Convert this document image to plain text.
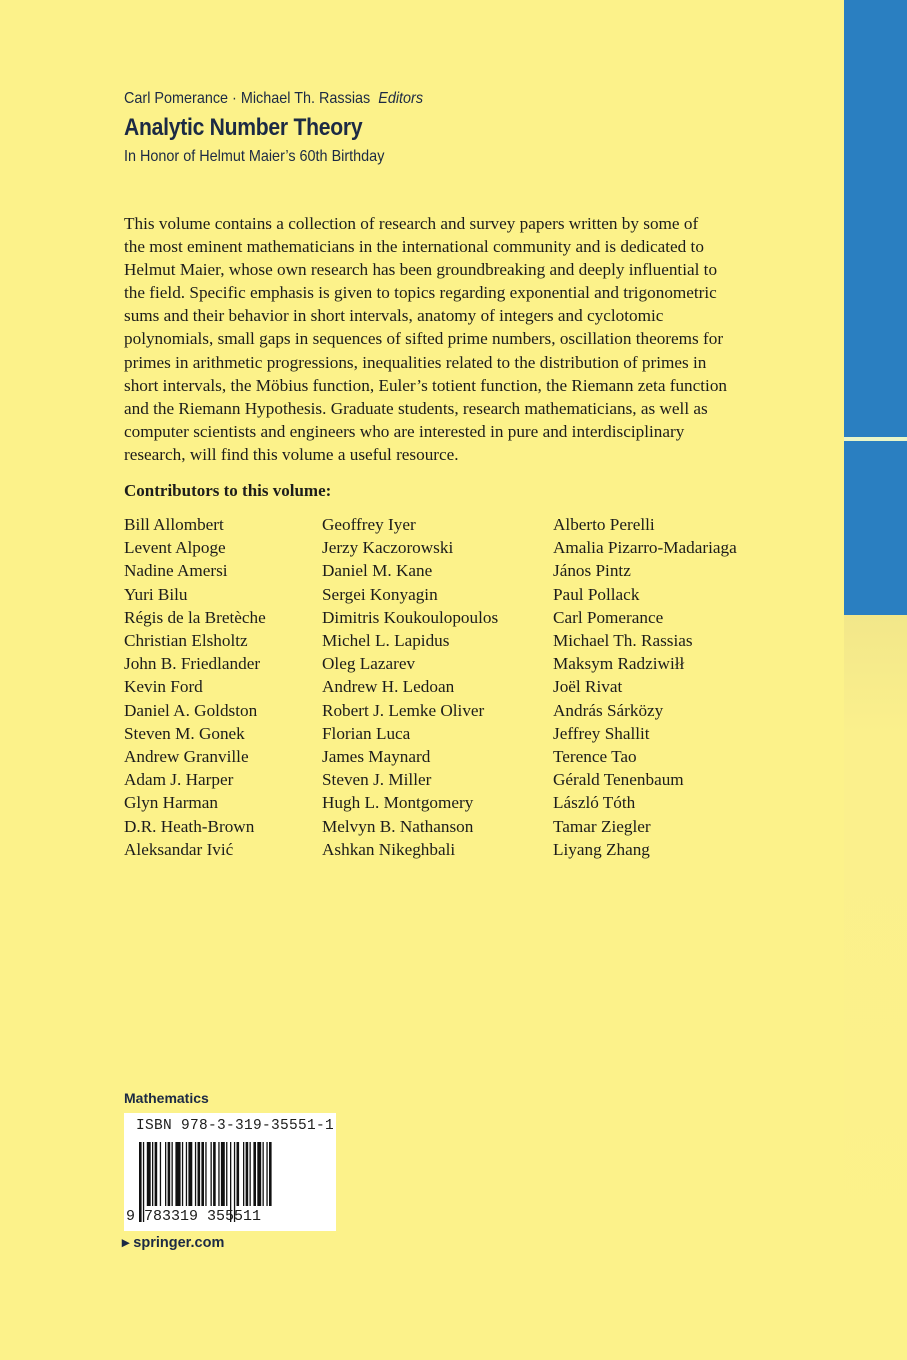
Carl Pomerance · Michael Th. Rassias Editors
Analytic Number Theory
In Honor of Helmut Maier’s 60th Birthday
This volume contains a collection of research and survey papers written by some of
the most eminent mathematicians in the international community and is dedicated to
Helmut Maier, whose own research has been groundbreaking and deeply influential to
the field. Specific emphasis is given to topics regarding exponential and trigonometric
sums and their behavior in short intervals, anatomy of integers and cyclotomic
polynomials, small gaps in sequences of sifted prime numbers, oscillation theorems for
primes in arithmetic progressions, inequalities related to the distribution of primes in
short intervals, the Möbius function, Euler’s totient function, the Riemann zeta function
and the Riemann Hypothesis. Graduate students, research mathematicians, as well as
computer scientists and engineers who are interested in pure and interdisciplinary
research, will find this volume a useful resource.
Contributors to this volume:
Bill Allombert
Levent Alpoge
Nadine Amersi
Yuri Bilu
Régis de la Bretèche
Christian Elsholtz
John B. Friedlander
Kevin Ford
Daniel A. Goldston
Steven M. Gonek
Andrew Granville
Adam J. Harper
Glyn Harman
D.R. Heath-Brown
Aleksandar Ivić
Geoffrey Iyer
Jerzy Kaczorowski
Daniel M. Kane
Sergei Konyagin
Dimitris Koukoulopoulos
Michel L. Lapidus
Oleg Lazarev
Andrew H. Ledoan
Robert J. Lemke Oliver
Florian Luca
James Maynard
Steven J. Miller
Hugh L. Montgomery
Melvyn B. Nathanson
Ashkan Nikeghbali
Alberto Perelli
Amalia Pizarro-Madariaga
János Pintz
Paul Pollack
Carl Pomerance
Michael Th. Rassias
Maksym Radziwiłł
Joël Rivat
András Sárközy
Jeffrey Shallit
Terence Tao
Gérald Tenenbaum
László Tóth
Tamar Ziegler
Liyang Zhang
Mathematics
ISBN 978-3-319-35551-1
9 783319 355511
▸ springer.com
